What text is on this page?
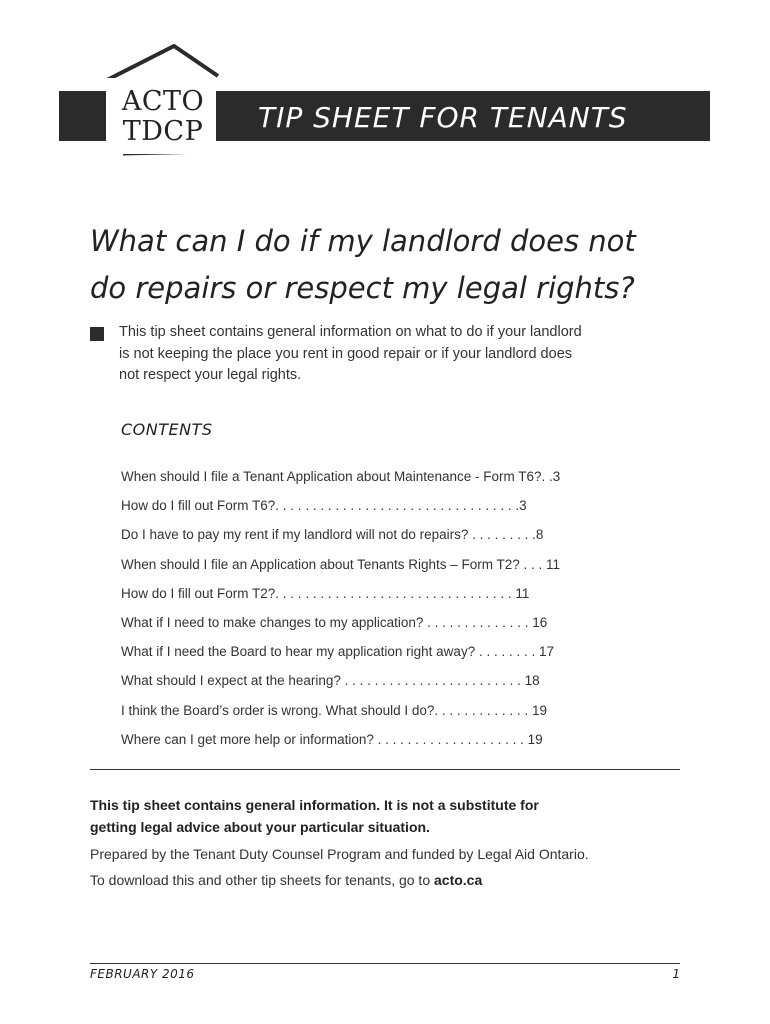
TIP SHEET FOR TENANTS
ACTO
TDCP
What can I do if my landlord does not
do repairs or respect my legal rights?
This tip sheet contains general information on what to do if your landlord
is not keeping the place you rent in good repair or if your landlord does
not respect your legal rights.
CONTENTS
When should I file a Tenant Application about Maintenance - Form T6?. .3
How do I fill out Form T6?. . . . . . . . . . . . . . . . . . . . . . . . . . . . . . . . .3
Do I have to pay my rent if my landlord will not do repairs? . . . . . . . . .8
When should I file an Application about Tenants Rights – Form T2? . . . 11
How do I fill out Form T2?. . . . . . . . . . . . . . . . . . . . . . . . . . . . . . . . 11
What if I need to make changes to my application? . . . . . . . . . . . . . . 16
What if I need the Board to hear my application right away? . . . . . . . . 17
What should I expect at the hearing? . . . . . . . . . . . . . . . . . . . . . . . . 18
I think the Board’s order is wrong. What should I do?. . . . . . . . . . . . . 19
Where can I get more help or information? . . . . . . . . . . . . . . . . . . . . 19
This tip sheet contains general information. It is not a substitute for
getting legal advice about your particular situation.
Prepared by the Tenant Duty Counsel Program and funded by Legal Aid Ontario.
To download this and other tip sheets for tenants, go to acto.ca
FEBRUARY 2016	1
